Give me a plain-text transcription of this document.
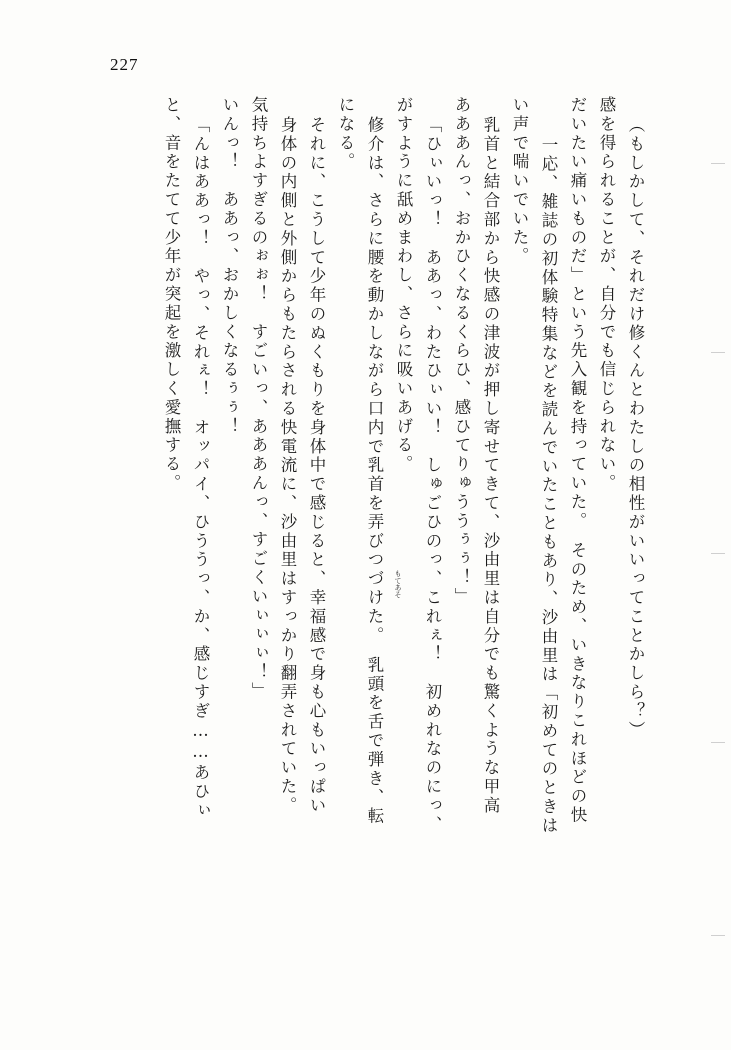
227
と、音をたてて少年が突起を激しく愛撫する。 「んはああっ！　やっ、それぇ！　オッパイ、ひううっ、か、感じすぎ……あひぃ いんっ！　ああっ、おかしくなるぅぅ！ 気持ちよすぎるのぉぉ！　すごいっ、あああんっ、すごくいぃぃぃ！」 身体の内側と外側からもたらされる快電流に、沙由里はすっかり翻弄されていた。 それに、こうして少年のぬくもりを身体中で感じると、幸福感で身も心もいっぱい になる。 修介は、さらに腰を動かしながら口内で乳首を弄びつづけた。　乳頭を舌で弾き、転 がすように舐めまわし、さらに吸いあげる。 「ひぃいっ！　ああっ、わたひぃい！　しゅごひのっ、これぇ！　初めれなのにっ、 あああんっ、おかひくなるくらひ、感ひてりゅううぅぅ！」 乳首と結合部から快感の津波が押し寄せてきて、沙由里は自分でも驚くような甲高 い声で喘いでいた。 一応、雑誌の初体験特集などを読んでいたこともあり、沙由里は「初めてのときは だいたい痛いものだ」という先入観を持っていた。　そのため、いきなりこれほどの快 感を得られることが、自分でも信じられない。 （もしかして、それだけ修くんとわたしの相性がいいってことかしら？）
もてあそ
